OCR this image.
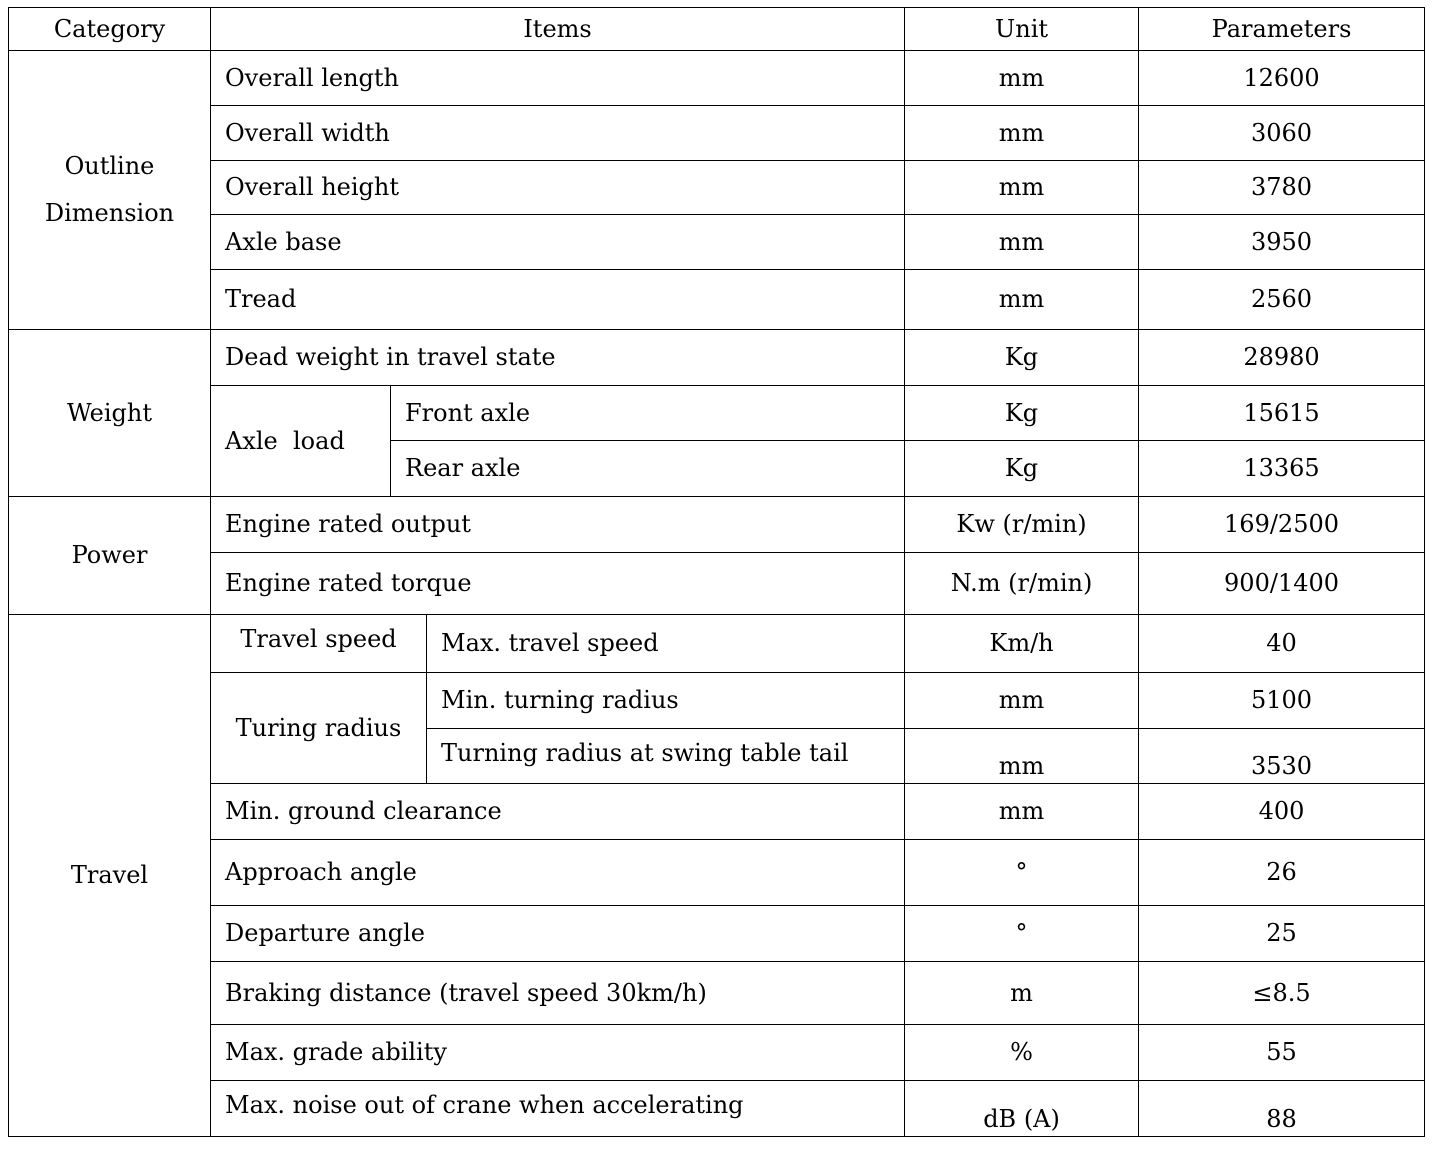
Category	Items			Unit	Parameters

Outline
Dimension	Overall length			mm	12600
	Overall width			mm	3060
	Overall height			mm	3780
	Axle base			mm	3950
	Tread			mm	2560
Weight	Dead weight in travel state			Kg	28980
	Axle  load	Front axle		Kg	15615
		Rear axle		Kg	13365
Power	Engine rated output			Kw (r/min)	169/2500
	Engine rated torque			N.m (r/min)	900/1400
Travel	Travel speed		Max. travel speed	Km/h	40
	Turing radius		Min. turning radius	mm	5100
			Turning radius at swing table tail	mm	3530
	Min. ground clearance			mm	400
	Approach angle			°	26
	Departure angle			°	25
	Braking distance (travel speed 30km/h)			m	≤8.5
	Max. grade ability			%	55
	Max. noise out of crane when accelerating			dB (A)	88
